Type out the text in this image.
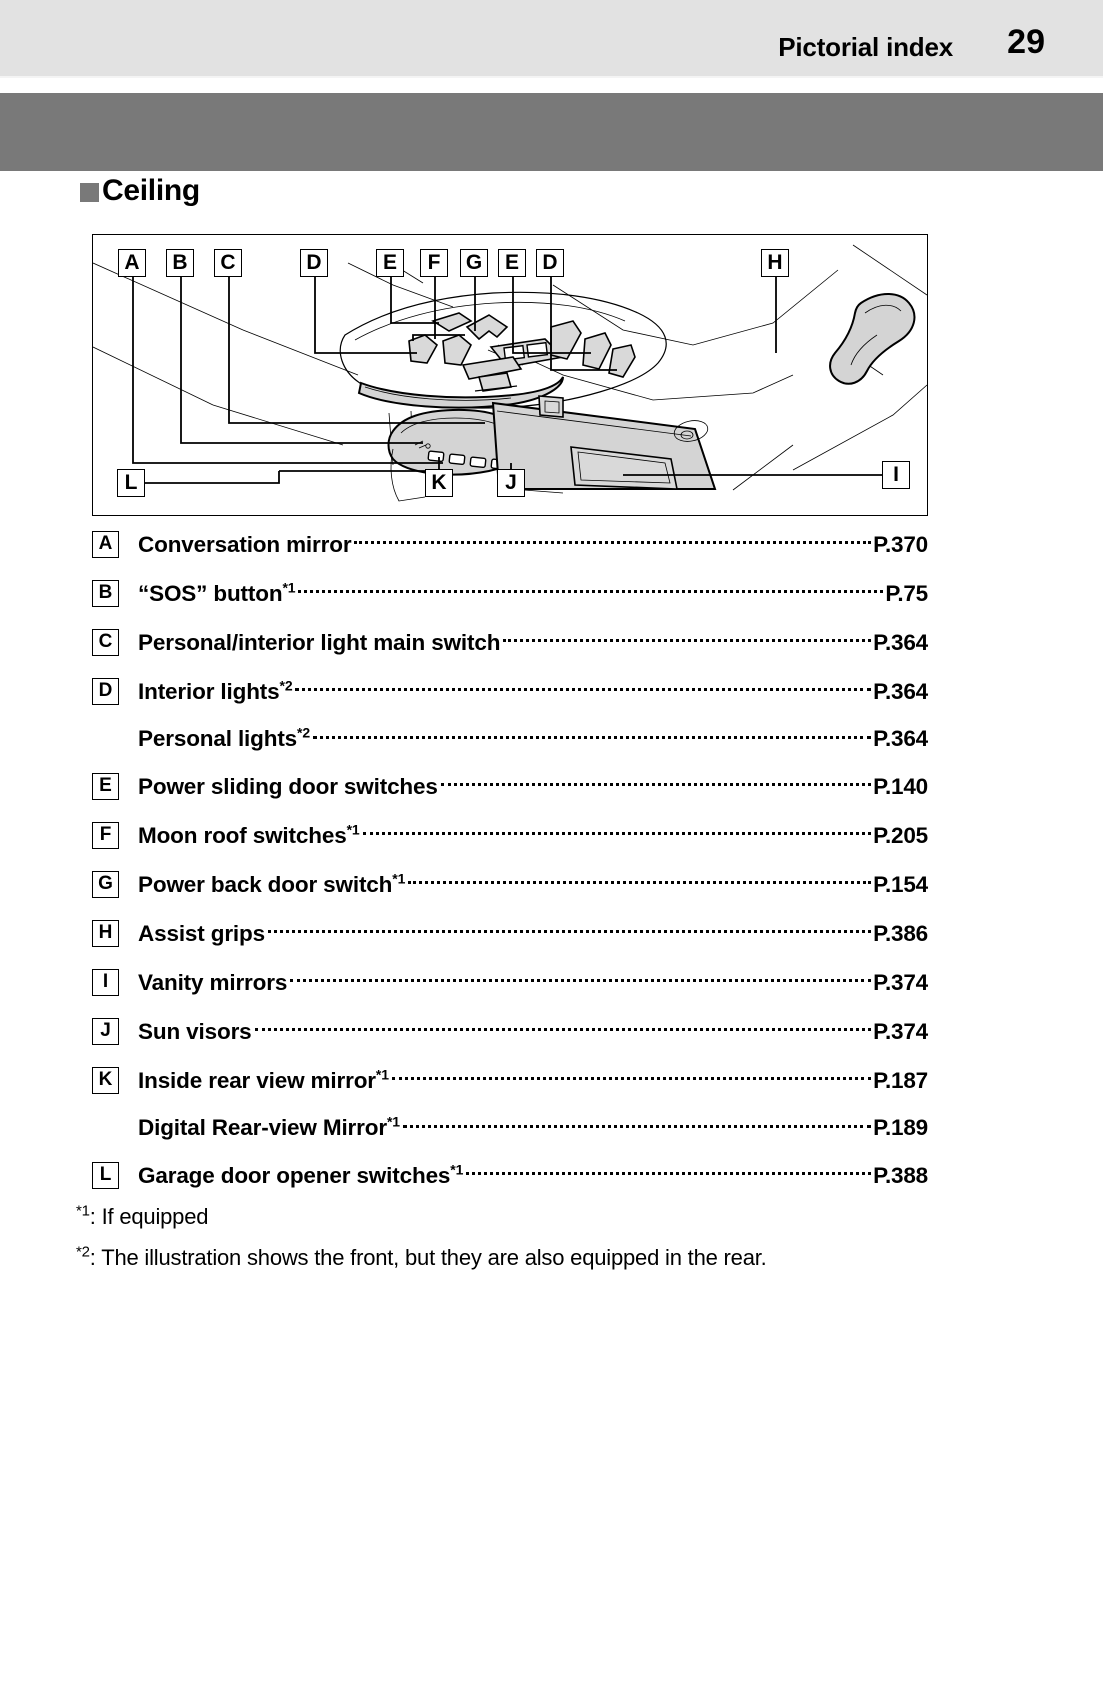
Pictorial index 29
Ceiling
A	B	C	D	E	F	G	E	D	H
I
L	K	J
A Conversation mirror	P.370
B “SOS” button$^{*1}$	P.75
C Personal/interior light main switch	P.364
D Interior lights$^{*2}$	P.364
Personal lights$^{*2}$	P.364
E	Power sliding door switches	P.140
F	Moon roof switches$^{*1}$	P.205
G Power back door switch$^{*1}$	P.154
H Assist grips	P.386
I	Vanity mirrors	P.374
J	Sun visors	P.374
K Inside rear view mirror$^{*1}$	P.187
Digital Rear-view Mirror$^{*1}$	P.189
L	Garage door opener switches$^{*1}$	P.388
$^{*1}$: If equipped
$^{*2}$: The illustration shows the front, but they are also equipped in the rear.
